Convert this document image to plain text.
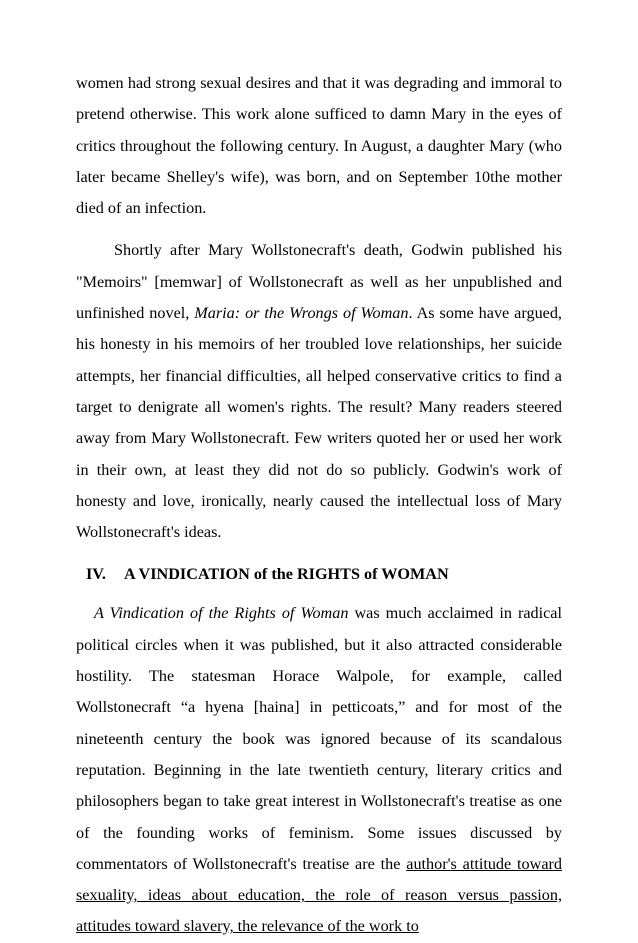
women had strong sexual desires and that it was degrading and immoral to pretend otherwise. This work alone sufficed to damn Mary in the eyes of critics throughout the following century. In August, a daughter Mary (who later became Shelley's wife), was born, and on September 10the mother died of an infection.

Shortly after Mary Wollstonecraft's death, Godwin published his "Memoirs" [memwar] of Wollstonecraft as well as her unpublished and unfinished novel, Maria: or the Wrongs of Woman. As some have argued, his honesty in his memoirs of her troubled love relationships, her suicide attempts, her financial difficulties, all helped conservative critics to find a target to denigrate all women's rights. The result? Many readers steered away from Mary Wollstonecraft. Few writers quoted her or used her work in their own, at least they did not do so publicly. Godwin's work of honesty and love, ironically, nearly caused the intellectual loss of Mary Wollstonecraft's ideas.

IV. A VINDICATION of the RIGHTS of WOMAN

A Vindication of the Rights of Woman was much acclaimed in radical political circles when it was published, but it also attracted considerable hostility. The statesman Horace Walpole, for example, called Wollstonecraft “a hyena [haina] in petticoats,” and for most of the nineteenth century the book was ignored because of its scandalous reputation. Beginning in the late twentieth century, literary critics and philosophers began to take great interest in Wollstonecraft's treatise as one of the founding works of feminism. Some issues discussed by commentators of Wollstonecraft's treatise are the author's attitude toward sexuality, ideas about education, the role of reason versus passion, attitudes toward slavery, the relevance of the work to
